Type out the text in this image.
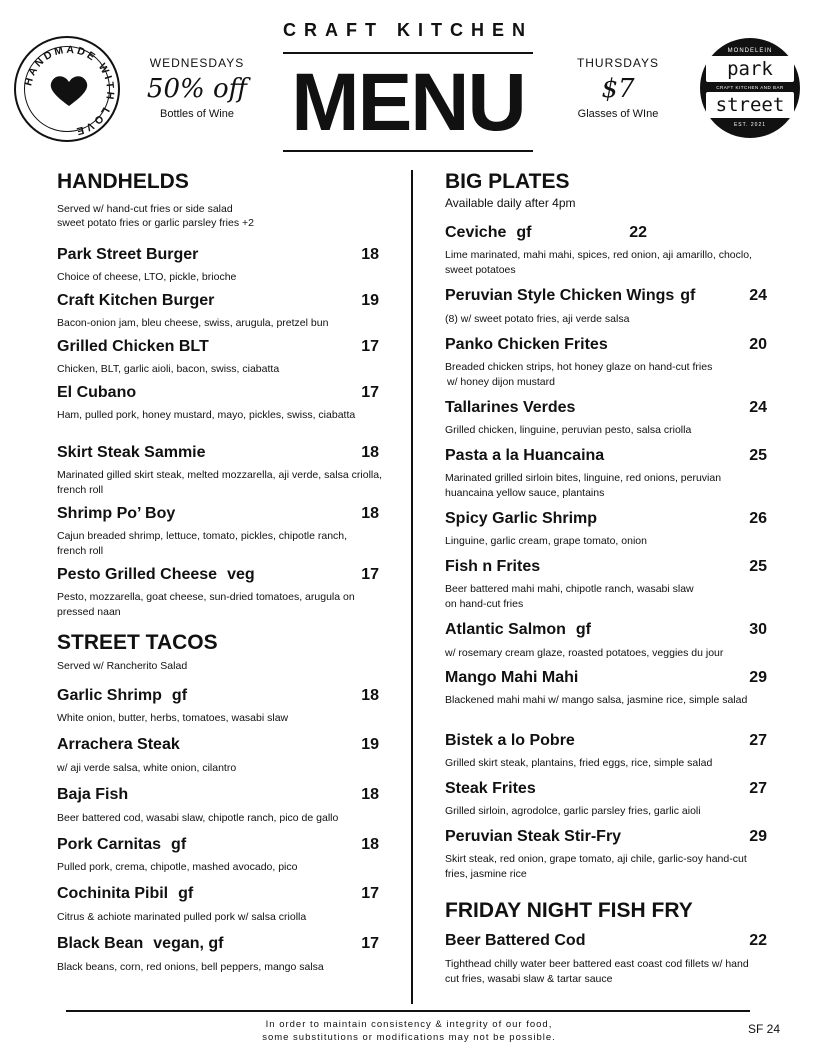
CRAFT KITCHEN
MENU
WEDNESDAYS
50% off
Bottles of Wine
THURSDAYS
$7
Glasses of WIne
HANDMADE WITH LOVE
MONDELEIN
park
CRAFT KITCHEN AND BAR
street
EST. 2021
HANDHELDS
Served w/ hand-cut fries or side salad
sweet potato fries or garlic parsley fries +2
Park Street Burger	18
Choice of cheese, LTO, pickle, brioche
Craft Kitchen Burger	19
Bacon-onion jam, bleu cheese, swiss, arugula, pretzel bun
Grilled Chicken BLT	17
Chicken, BLT, garlic aioli, bacon, swiss, ciabatta
El Cubano	17
Ham, pulled pork, honey mustard, mayo, pickles, swiss, ciabatta
Skirt Steak Sammie	18
Marinated gilled skirt steak, melted mozzarella, aji verde, salsa criolla, french roll
Shrimp Po’ Boy	18
Cajun breaded shrimp, lettuce, tomato, pickles, chipotle ranch, french roll
Pesto Grilled Cheese veg	17
Pesto, mozzarella, goat cheese, sun-dried tomatoes, arugula on pressed naan
STREET TACOS
Served w/ Rancherito Salad
Garlic Shrimp gf	18
White onion, butter, herbs, tomatoes, wasabi slaw
Arrachera Steak	19
w/ aji verde salsa, white onion, cilantro
Baja Fish	18
Beer battered cod, wasabi slaw, chipotle ranch, pico de gallo
Pork Carnitas gf	18
Pulled pork, crema, chipotle, mashed avocado, pico
Cochinita Pibil gf	17
Citrus & achiote marinated pulled pork w/ salsa criolla
Black Bean vegan, gf	17
Black beans, corn, red onions, bell peppers, mango salsa
BIG PLATES
Available daily after 4pm
Ceviche gf	22
Lime marinated, mahi mahi, spices, red onion, aji amarillo, choclo, sweet potatoes
Peruvian Style Chicken Wings gf	24
(8) w/ sweet potato fries, aji verde salsa
Panko Chicken Frites	20
Breaded chicken strips, hot honey glaze on hand-cut fries
w/ honey dijon mustard
Tallarines Verdes	24
Grilled chicken, linguine, peruvian pesto, salsa criolla
Pasta a la Huancaina	25
Marinated grilled sirloin bites, linguine, red onions, peruvian huancaina yellow sauce, plantains
Spicy Garlic Shrimp	26
Linguine, garlic cream, grape tomato, onion
Fish n Frites	25
Beer battered mahi mahi, chipotle ranch, wasabi slaw
on hand-cut fries
Atlantic Salmon gf	30
w/ rosemary cream glaze, roasted potatoes, veggies du jour
Mango Mahi Mahi	29
Blackened mahi mahi w/ mango salsa, jasmine rice, simple salad
Bistek a lo Pobre	27
Grilled skirt steak, plantains, fried eggs, rice, simple salad
Steak Frites	27
Grilled sirloin, agrodolce, garlic parsley fries, garlic aioli
Peruvian Steak Stir-Fry	29
Skirt steak, red onion, grape tomato, aji chile, garlic-soy hand-cut fries, jasmine rice
FRIDAY NIGHT FISH FRY
Beer Battered Cod	22
Tighthead chilly water beer battered east coast cod fillets w/ hand cut fries, wasabi slaw & tartar sauce
In order to maintain consistency & integrity of our food,
some substitutions or modifications may not be possible.
SF 24
